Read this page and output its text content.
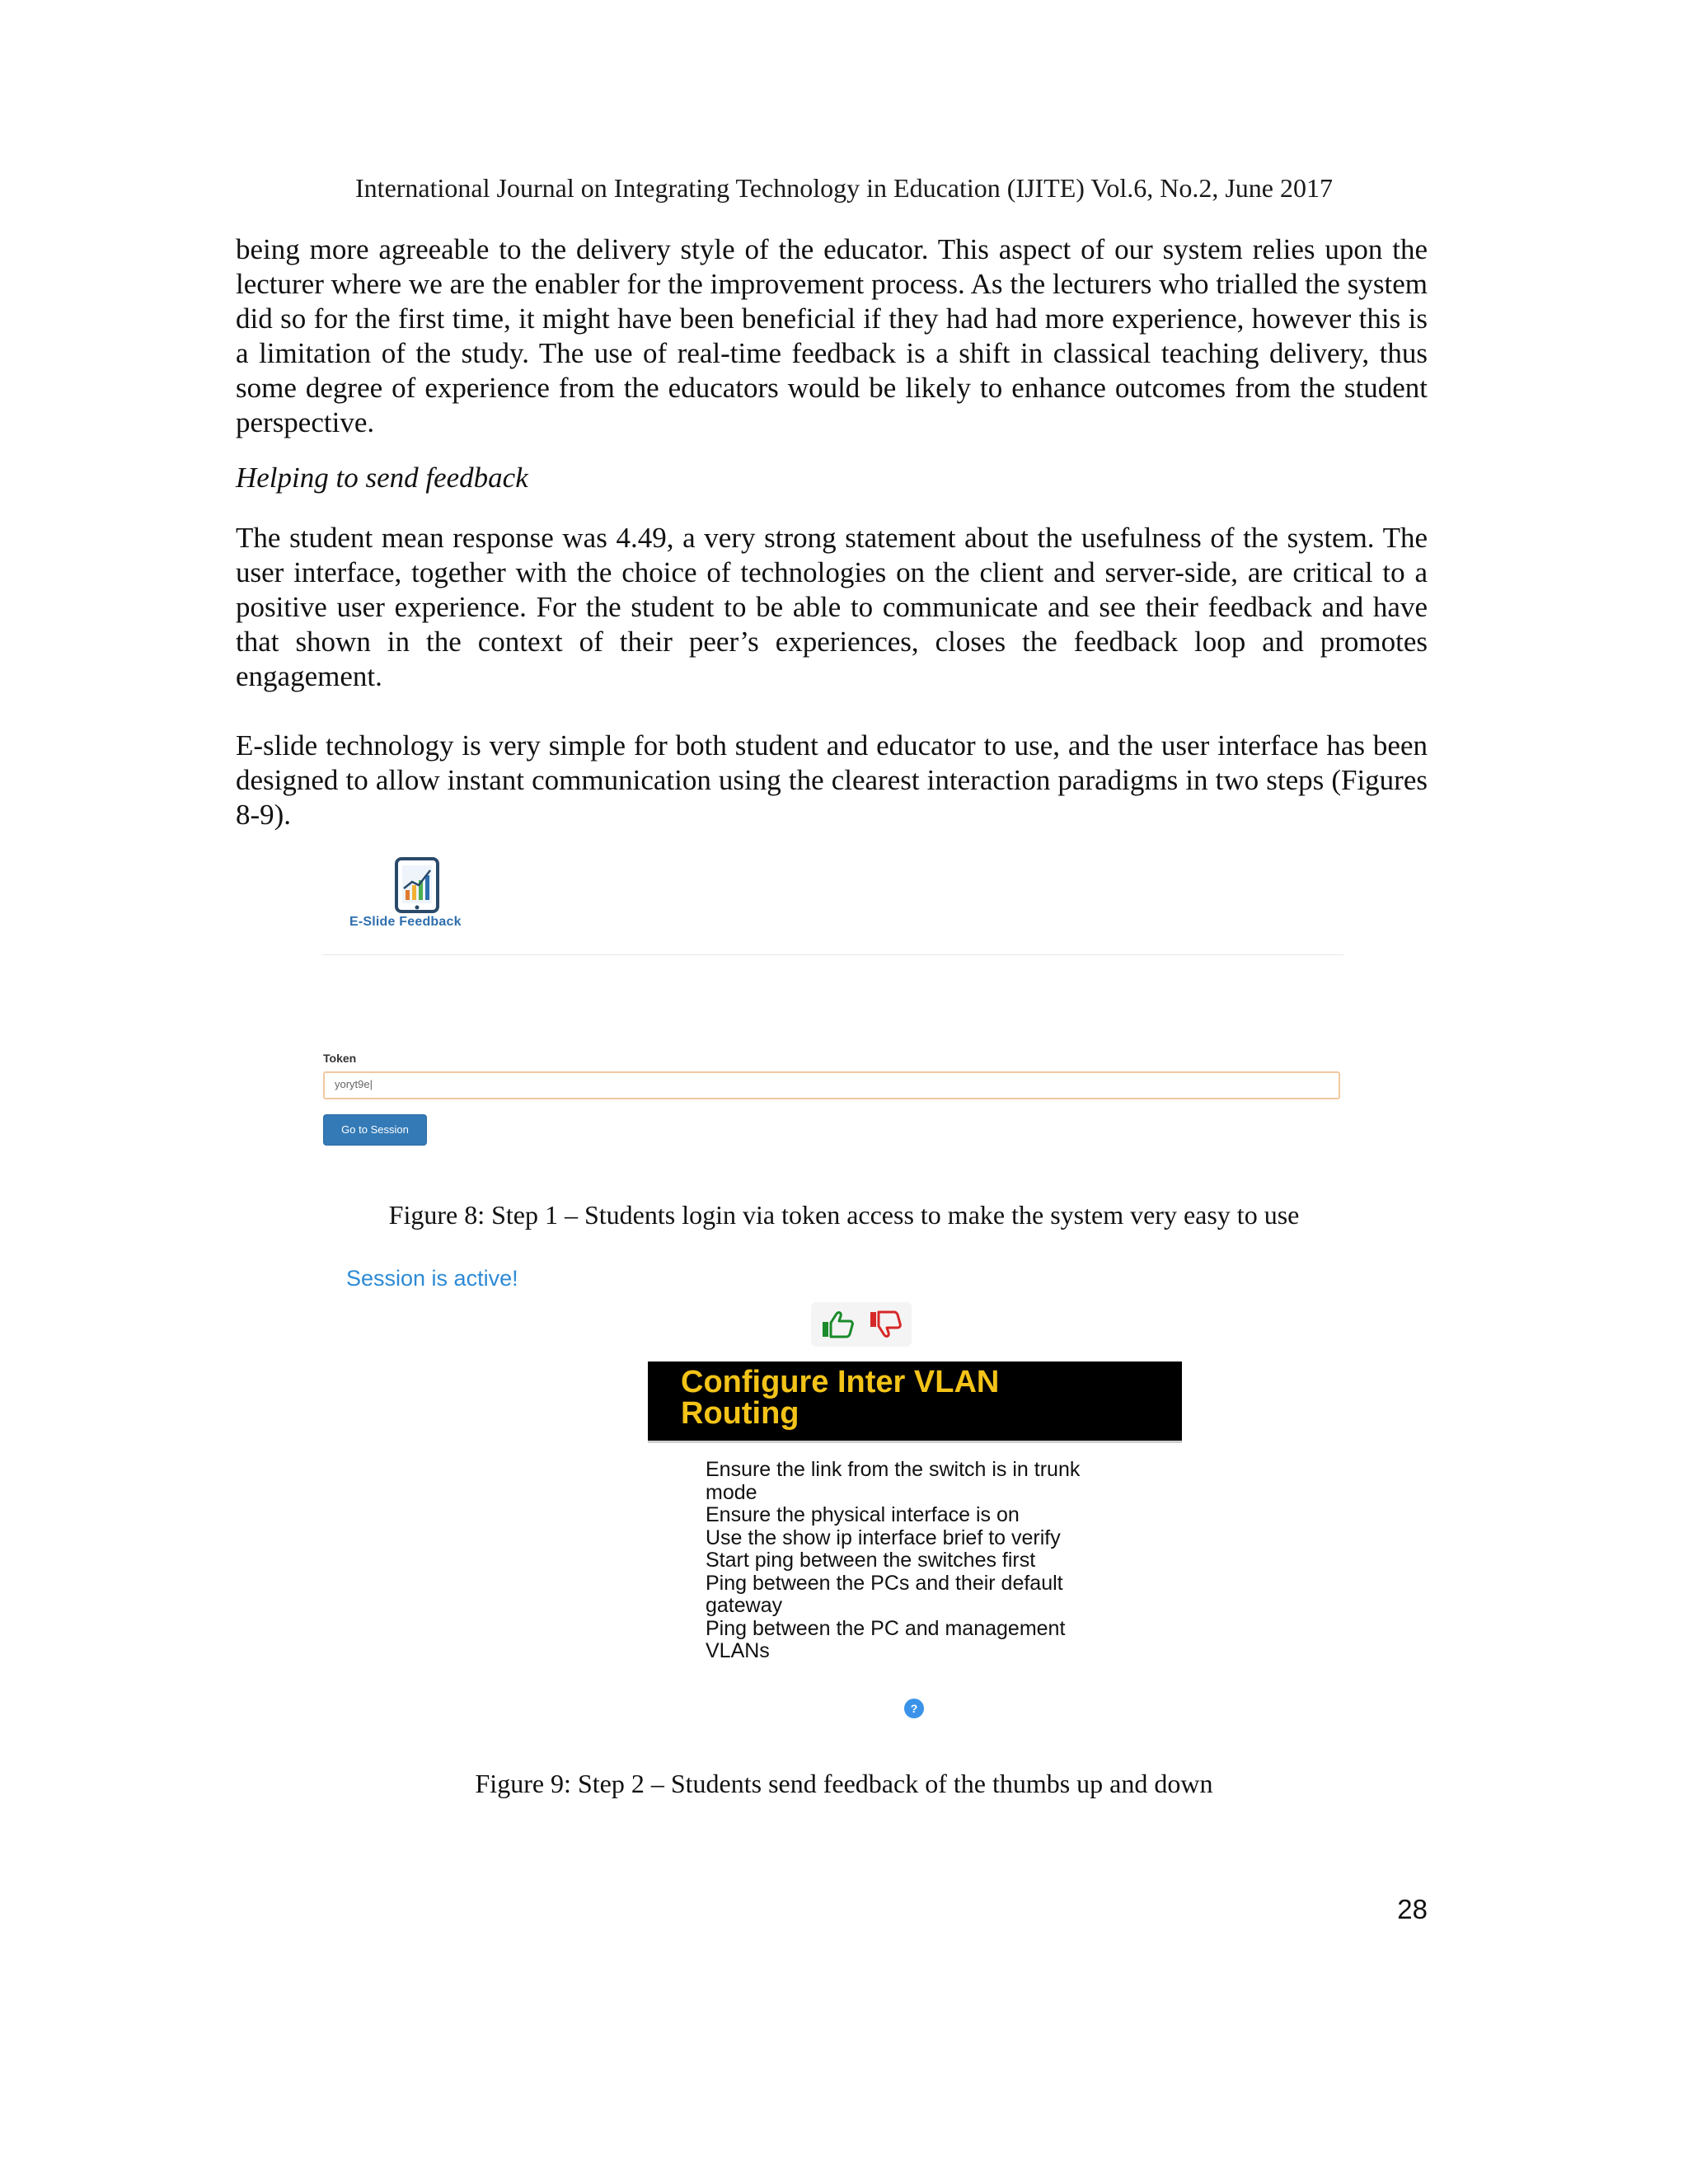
International Journal on Integrating Technology in Education (IJITE) Vol.6, No.2, June 2017

being more agreeable to the delivery style of the educator. This aspect of our system relies upon the lecturer where we are the enabler for the improvement process. As the lecturers who trialled the system did so for the first time, it might have been beneficial if they had had more experience, however this is a limitation of the study. The use of real-time feedback is a shift in classical teaching delivery, thus some degree of experience from the educators would be likely to enhance outcomes from the student perspective.

Helping to send feedback

The student mean response was 4.49, a very strong statement about the usefulness of the system. The user interface, together with the choice of technologies on the client and server-side, are critical to a positive user experience. For the student to be able to communicate and see their feedback and have that shown in the context of their peer’s experiences, closes the feedback loop and promotes engagement.

E-slide technology is very simple for both student and educator to use, and the user interface has been designed to allow instant communication using the clearest interaction paradigms in two steps (Figures 8-9).

E-Slide Feedback
Token
yoryt9e|
Go to Session
Figure 8: Step 1 – Students login via token access to make the system very easy to use
Session is active!
Configure Inter VLAN
Routing
Ensure the link from the switch is in trunk
mode
Ensure the physical interface is on
Use the show ip interface brief to verify
Start ping between the switches first
Ping between the PCs and their default
gateway
Ping between the PC and management
VLANs
?
Figure 9: Step 2 – Students send feedback of the thumbs up and down
28
